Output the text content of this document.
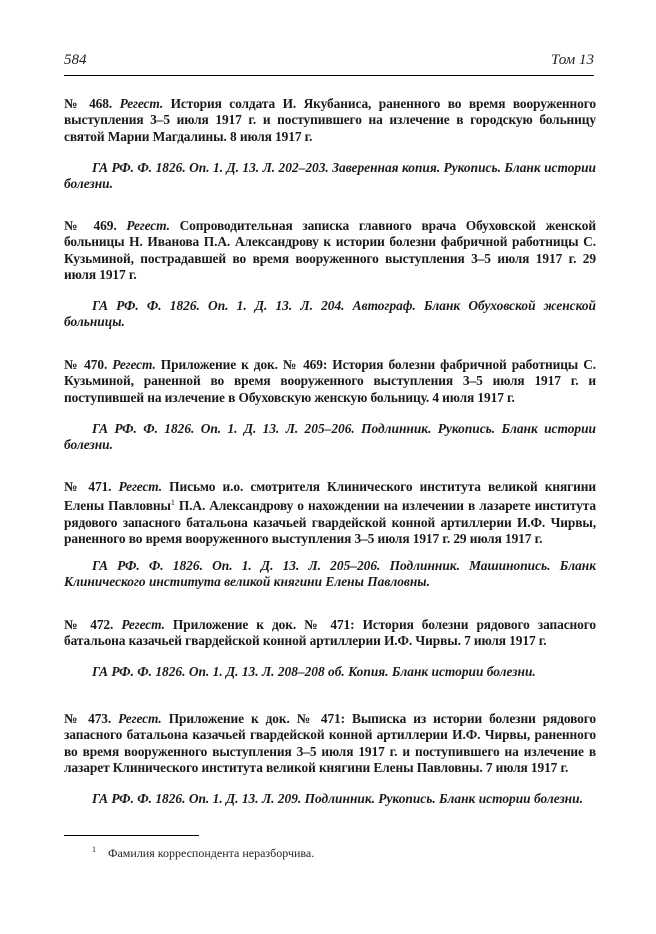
584	Том 13
№ 468. Регест. История солдата И. Якубаниса, раненного во время вооруженного выступления 3–5 июля 1917 г. и поступившего на излечение в городскую больницу святой Марии Магдалины. 8 июля 1917 г.
ГА РФ. Ф. 1826. Оп. 1. Д. 13. Л. 202–203. Заверенная копия. Рукопись. Бланк истории болезни.
№ 469. Регест. Сопроводительная записка главного врача Обуховской женской больницы Н. Иванова П.А. Александрову к истории болезни фабричной работницы С. Кузьминой, пострадавшей во время вооруженного выступления 3–5 июля 1917 г. 29 июля 1917 г.
ГА РФ. Ф. 1826. Оп. 1. Д. 13. Л. 204. Автограф. Бланк Обуховской женской больницы.
№ 470. Регест. Приложение к док. № 469: История болезни фабричной работницы С. Кузьминой, раненной во время вооруженного выступления 3–5 июля 1917 г. и поступившей на излечение в Обуховскую женскую больницу. 4 июля 1917 г.
ГА РФ. Ф. 1826. Оп. 1. Д. 13. Л. 205–206. Подлинник. Рукопись. Бланк истории болезни.
№ 471. Регест. Письмо и.о. смотрителя Клинического института великой княгини Елены Павловны$^1$ П.А. Александрову о нахождении на излечении в лазарете института рядового запасного батальона казачьей гвардейской конной артиллерии И.Ф. Чирвы, раненного во время вооруженного выступления 3–5 июля 1917 г. 29 июля 1917 г.
ГА РФ. Ф. 1826. Оп. 1. Д. 13. Л. 205–206. Подлинник. Машинопись. Бланк Клинического института великой княгини Елены Павловны.
№ 472. Регест. Приложение к док. № 471: История болезни рядового запасного батальона казачьей гвардейской конной артиллерии И.Ф. Чирвы. 7 июля 1917 г.
ГА РФ. Ф. 1826. Оп. 1. Д. 13. Л. 208–208 об. Копия. Бланк истории болезни.
№ 473. Регест. Приложение к док. № 471: Выписка из истории болезни рядового запасного батальона казачьей гвардейской конной артиллерии И.Ф. Чирвы, раненного во время вооруженного выступления 3–5 июля 1917 г. и поступившего на излечение в лазарет Клинического института великой княгини Елены Павловны. 7 июля 1917 г.
ГА РФ. Ф. 1826. Оп. 1. Д. 13. Л. 209. Подлинник. Рукопись. Бланк истории болезни.
$^1$ Фамилия корреспондента неразборчива.
